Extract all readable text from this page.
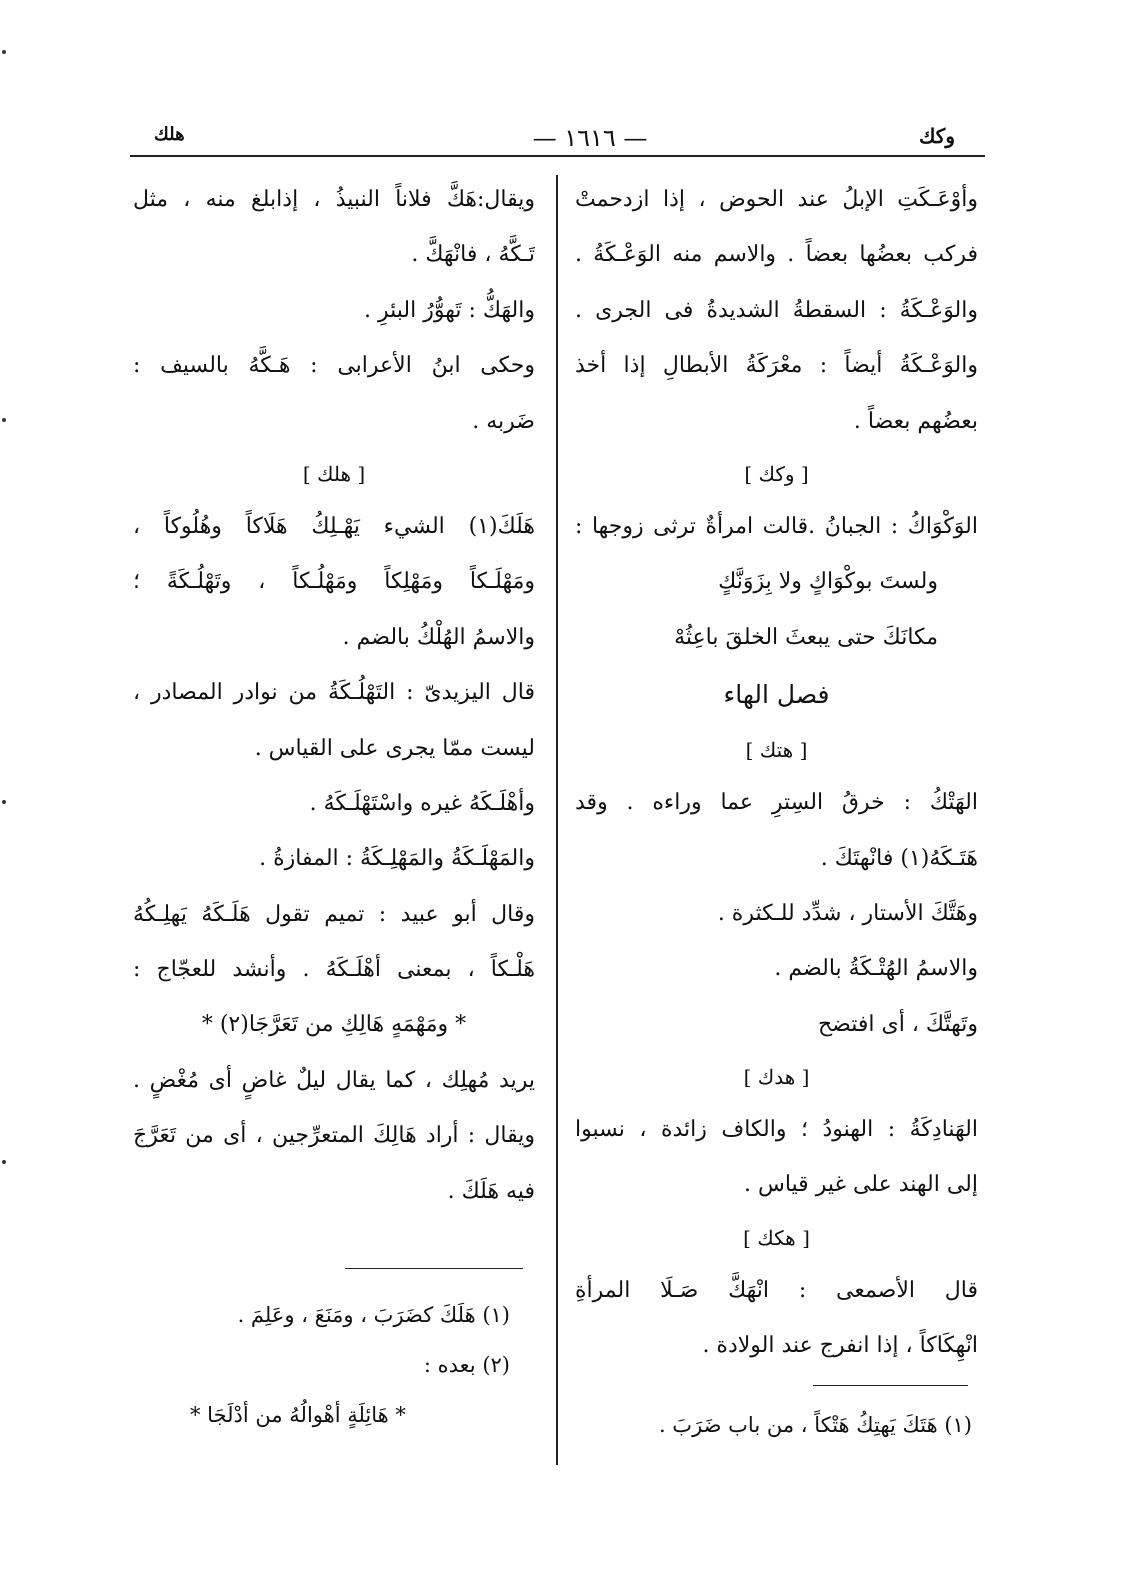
هلك	— ١٦١٦ —	وكك
وأوْعَـكَتِ الإبلُ عند الحوض ، إذا ازدحمتْ
فركب بعضُها بعضاً . والاسم منه الوَعْـكَةُ .
والوَعْـكَةُ : السقطةُ الشديدةُ فى الجرى .
والوَعْـكَةُ أيضاً : معْرَكَةُ الأبطالِ إذا أخذ
بعضُهم بعضاً .
[ وكك ]
الوَكْوَاكُ : الجبانُ .قالت امرأةٌ ترثى زوجها :
ولستَ بوكْوَاكٍ ولا بِزَوَنَّكٍ
مكانَكَ حتى يبعثَ الخلقَ باعِثُهْ
فصل الهاء
[ هتك ]
الهَتْكُ : خرقُ السِترِ عما وراءه . وقد
هَتَـكَهُ(١) فانْهتَكَ .
وهَتَّكَ الأستار ، شدِّد للـكثرة .
والاسمُ الهُتْـكَةُ بالضم .
وتَهتَّكَ ، أى افتضح
[ هدك ]
الهَنادِكَةُ : الهنودُ ؛ والكاف زائدة ، نسبوا
إلى الهند على غير قياس .
[ هكك ]
قال الأصمعى : انْهَكَّ صَـلَا المرأةِ
انْهِكَاكاً ، إذا انفرج عند الولادة .
(١) هَتَكَ يَهتِكُ هَتْكاً ، من باب ضَرَبَ .
ويقال:هَكَّ فلاناً النبيذُ ، إذابلغ منه ، مثل
تَـكَّهُ ، فانْهَكَّ .
والهَكُّ : تَهوُّرُ البئرِ .
وحكى ابنُ الأعرابى : هَـكَّهُ بالسيف :
ضَربه .
[ هلك ]
هَلَكَ(١) الشيء يَهْـلِكُ هَلَاكاً وهُلُوكاً ،
ومَهْلَـكاً ومَهْلِكاً ومَهْلُـكاً ، وتَهْلُـكَةً ؛
والاسمُ الهُلْكُ بالضم .
قال اليزيدىّ : التَهْلُـكَةُ من نوادر المصادر ،
ليست ممّا يجرى على القياس .
وأهْلَـكَهُ غيره واسْتَهْلَـكَهُ .
والمَهْلَـكَةُ والمَهْلِـكَةُ : المفازةُ .
وقال أبو عبيد : تميم تقول هَلَـكَهُ يَهلِـكُهُ
هَلْـكاً ، بمعنى أهْلَـكَهُ . وأنشد للعجّاج :
* ومَهْمَهٍ هَالِكِ من تَعَرَّجَا(٢) *
يريد مُهلِك ، كما يقال ليلٌ غاضٍ أى مُغْضٍ .
ويقال : أراد هَالِكَ المتعرِّجين ، أى من تَعَرَّجَ
فيه هَلَكَ .
(١) هَلَكَ كضَرَبَ ، ومَنَعَ ، وعَلِمَ .
(٢) بعده :
* هَائِلَةٍ أهْوالُهُ من أدْلَجَا *
